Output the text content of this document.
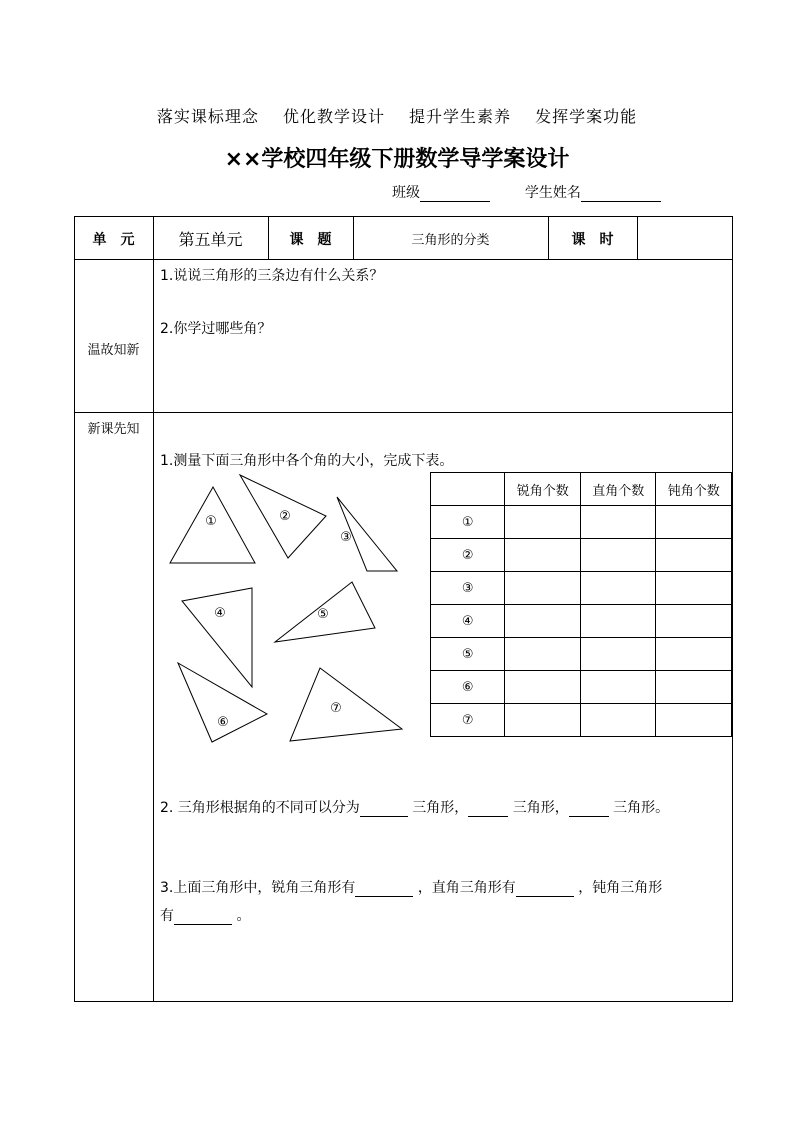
落实课标理念 优化教学设计 提升学生素养 发挥学案功能
××学校四年级下册数学导学案设计
班级	学生姓名
单　元	第五单元	课　题	三角形的分类	课　时
温故知新
1.说说三角形的三条边有什么关系？
2.你学过哪些角？
新课先知
1.测量下面三角形中各个角的大小，完成下表。
①	②
③
④	⑤
⑥
⑦
	锐角个数	直角个数	钝角个数
①			
②			
③			
④			
⑤			
⑥			
⑦			
2. 三角形根据角的不同可以分为	三角形，	三角形，	三角形。
3.上面三角形中，锐角三角形有	，直角三角形有	，钝角三角形
有	。
